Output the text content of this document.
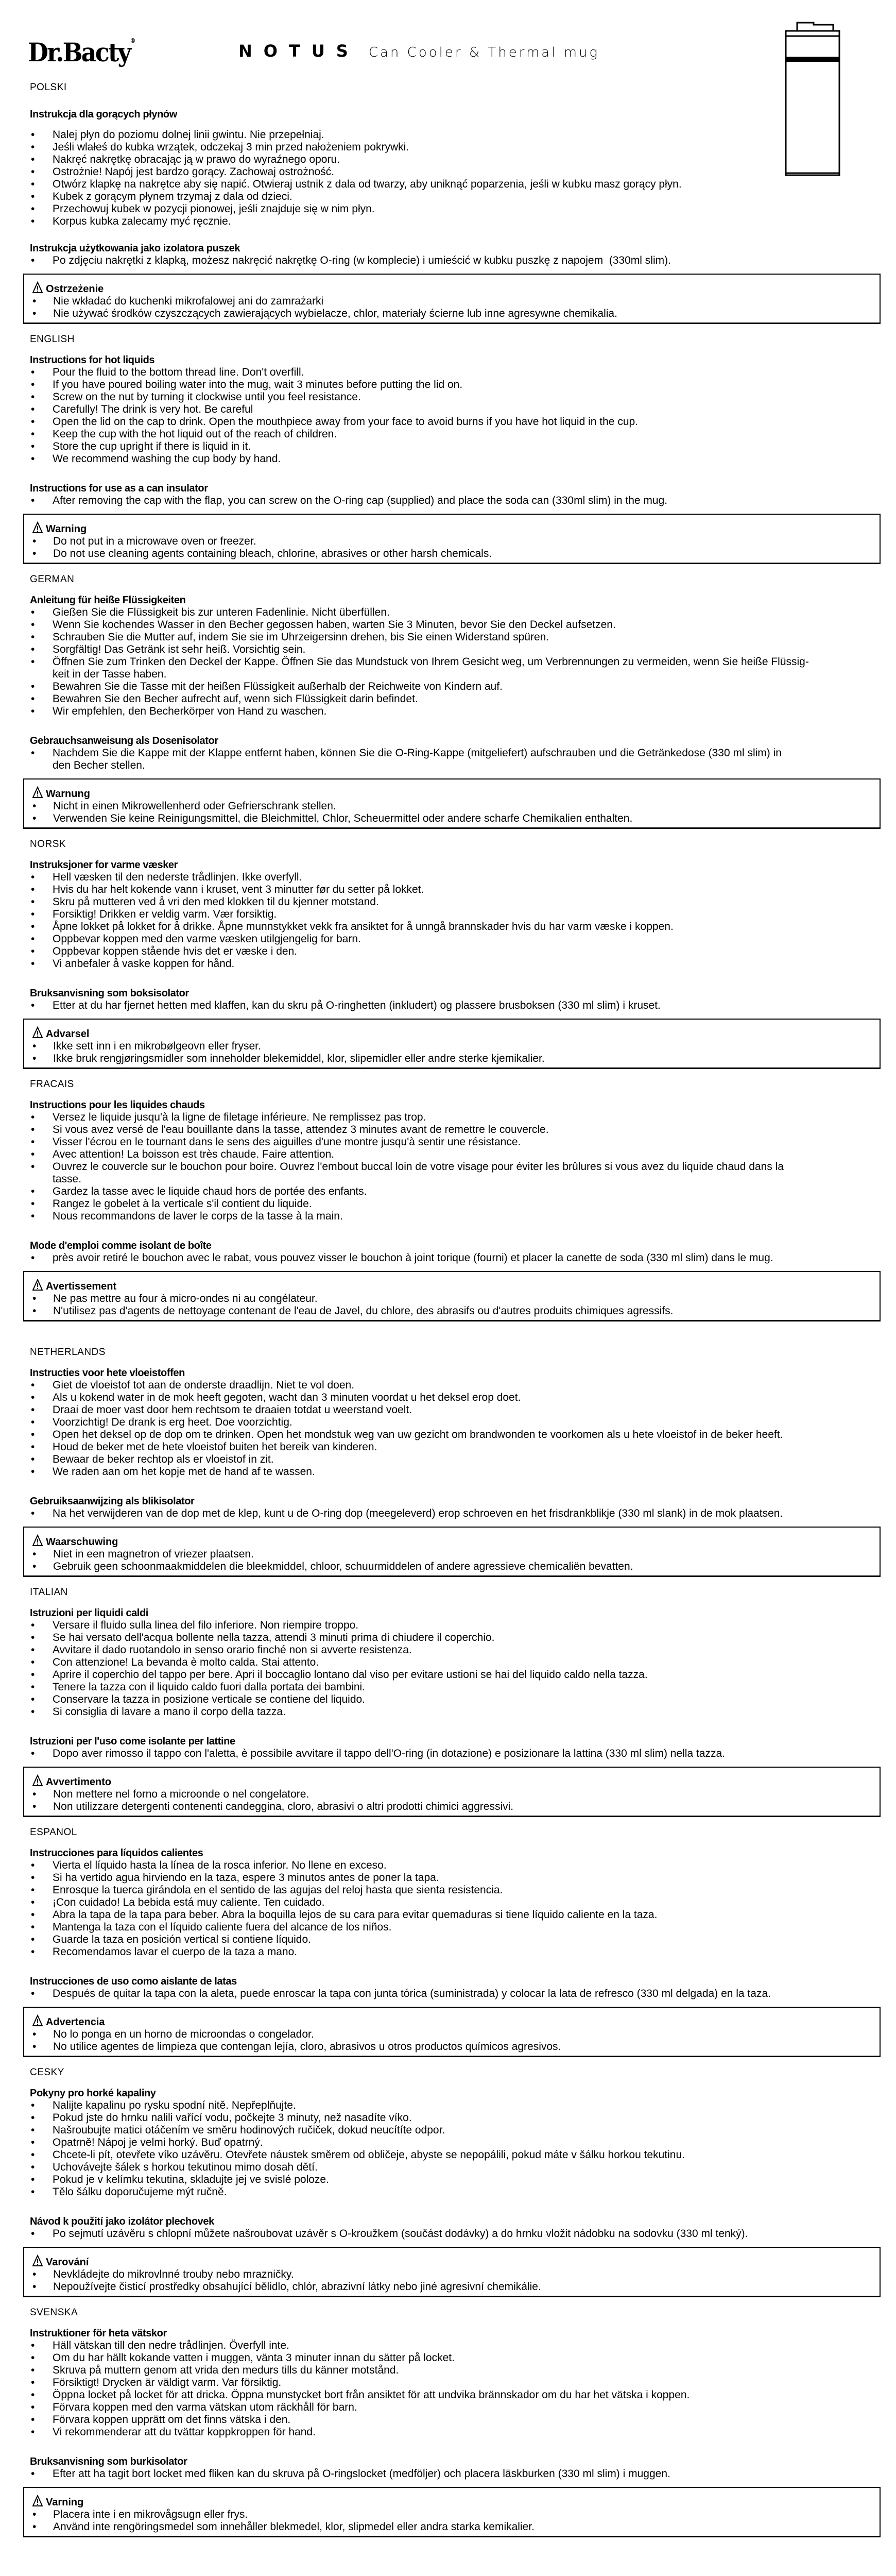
Dr.Bacty®
NOTUS Can Cooler & Thermal mug
POLSKI
Instrukcja dla gorących płynów
• Nalej płyn do poziomu dolnej linii gwintu. Nie przepełniaj.
• Jeśli wlałeś do kubka wrzątek, odczekaj 3 min przed nałożeniem pokrywki.
• Nakręć nakrętkę obracając ją w prawo do wyraźnego oporu.
• Ostrożnie! Napój jest bardzo gorący. Zachowaj ostrożność.
• Otwórz klapkę na nakrętce aby się napić. Otwieraj ustnik z dala od twarzy, aby uniknąć poparzenia, jeśli w kubku masz gorący płyn.
• Kubek z gorącym płynem trzymaj z dala od dzieci.
• Przechowuj kubek w pozycji pionowej, jeśli znajduje się w nim płyn.
• Korpus kubka zalecamy myć ręcznie.
Instrukcja użytkowania jako izolatora puszek
• Po zdjęciu nakrętki z klapką, możesz nakręcić nakrętkę O-ring (w komplecie) i umieścić w kubku puszkę z napojem  (330ml slim).
Ostrzeżenie
• Nie wkładać do kuchenki mikrofalowej ani do zamrażarki
• Nie używać środków czyszczących zawierających wybielacze, chlor, materiały ścierne lub inne agresywne chemikalia.
ENGLISH
Instructions for hot liquids
• Pour the fluid to the bottom thread line. Don't overfill.
• If you have poured boiling water into the mug, wait 3 minutes before putting the lid on.
• Screw on the nut by turning it clockwise until you feel resistance.
• Carefully! The drink is very hot. Be careful
• Open the lid on the cap to drink. Open the mouthpiece away from your face to avoid burns if you have hot liquid in the cup.
• Keep the cup with the hot liquid out of the reach of children.
• Store the cup upright if there is liquid in it.
• We recommend washing the cup body by hand.
Instructions for use as a can insulator
• After removing the cap with the flap, you can screw on the O-ring cap (supplied) and place the soda can (330ml slim) in the mug.
Warning
• Do not put in a microwave oven or freezer.
• Do not use cleaning agents containing bleach, chlorine, abrasives or other harsh chemicals.
GERMAN
Anleitung für heiße Flüssigkeiten
• Gießen Sie die Flüssigkeit bis zur unteren Fadenlinie. Nicht überfüllen.
• Wenn Sie kochendes Wasser in den Becher gegossen haben, warten Sie 3 Minuten, bevor Sie den Deckel aufsetzen.
• Schrauben Sie die Mutter auf, indem Sie sie im Uhrzeigersinn drehen, bis Sie einen Widerstand spüren.
• Sorgfältig! Das Getränk ist sehr heiß. Vorsichtig sein.
• Öffnen Sie zum Trinken den Deckel der Kappe. Öffnen Sie das Mundstuck von Ihrem Gesicht weg, um Verbrennungen zu vermeiden, wenn Sie heiße Flüssig-
keit in der Tasse haben.
• Bewahren Sie die Tasse mit der heißen Flüssigkeit außerhalb der Reichweite von Kindern auf.
• Bewahren Sie den Becher aufrecht auf, wenn sich Flüssigkeit darin befindet.
• Wir empfehlen, den Becherkörper von Hand zu waschen.
Gebrauchsanweisung als Dosenisolator
• Nachdem Sie die Kappe mit der Klappe entfernt haben, können Sie die O-Ring-Kappe (mitgeliefert) aufschrauben und die Getränkedose (330 ml slim) in
den Becher stellen.
Warnung
• Nicht in einen Mikrowellenherd oder Gefrierschrank stellen.
• Verwenden Sie keine Reinigungsmittel, die Bleichmittel, Chlor, Scheuermittel oder andere scharfe Chemikalien enthalten.
NORSK
Instruksjoner for varme væsker
• Hell væsken til den nederste trådlinjen. Ikke overfyll.
• Hvis du har helt kokende vann i kruset, vent 3 minutter før du setter på lokket.
• Skru på mutteren ved å vri den med klokken til du kjenner motstand.
• Forsiktig! Drikken er veldig varm. Vær forsiktig.
• Åpne lokket på lokket for å drikke. Åpne munnstykket vekk fra ansiktet for å unngå brannskader hvis du har varm væske i koppen.
• Oppbevar koppen med den varme væsken utilgjengelig for barn.
• Oppbevar koppen stående hvis det er væske i den.
• Vi anbefaler å vaske koppen for hånd.
Bruksanvisning som boksisolator
• Etter at du har fjernet hetten med klaffen, kan du skru på O-ringhetten (inkludert) og plassere brusboksen (330 ml slim) i kruset.
Advarsel
• Ikke sett inn i en mikrobølgeovn eller fryser.
• Ikke bruk rengjøringsmidler som inneholder blekemiddel, klor, slipemidler eller andre sterke kjemikalier.
FRACAIS
Instructions pour les liquides chauds
• Versez le liquide jusqu'à la ligne de filetage inférieure. Ne remplissez pas trop.
• Si vous avez versé de l'eau bouillante dans la tasse, attendez 3 minutes avant de remettre le couvercle.
• Visser l'écrou en le tournant dans le sens des aiguilles d'une montre jusqu'à sentir une résistance.
• Avec attention! La boisson est très chaude. Faire attention.
• Ouvrez le couvercle sur le bouchon pour boire. Ouvrez l'embout buccal loin de votre visage pour éviter les brûlures si vous avez du liquide chaud dans la
tasse.
• Gardez la tasse avec le liquide chaud hors de portée des enfants.
• Rangez le gobelet à la verticale s'il contient du liquide.
• Nous recommandons de laver le corps de la tasse à la main.
Mode d'emploi comme isolant de boîte
• près avoir retiré le bouchon avec le rabat, vous pouvez visser le bouchon à joint torique (fourni) et placer la canette de soda (330 ml slim) dans le mug.
Avertissement
• Ne pas mettre au four à micro-ondes ni au congélateur.
• N'utilisez pas d'agents de nettoyage contenant de l'eau de Javel, du chlore, des abrasifs ou d'autres produits chimiques agressifs.
NETHERLANDS
Instructies voor hete vloeistoffen
• Giet de vloeistof tot aan de onderste draadlijn. Niet te vol doen.
• Als u kokend water in de mok heeft gegoten, wacht dan 3 minuten voordat u het deksel erop doet.
• Draai de moer vast door hem rechtsom te draaien totdat u weerstand voelt.
• Voorzichtig! De drank is erg heet. Doe voorzichtig.
• Open het deksel op de dop om te drinken. Open het mondstuk weg van uw gezicht om brandwonden te voorkomen als u hete vloeistof in de beker heeft.
• Houd de beker met de hete vloeistof buiten het bereik van kinderen.
• Bewaar de beker rechtop als er vloeistof in zit.
• We raden aan om het kopje met de hand af te wassen.
Gebruiksaanwijzing als blikisolator
• Na het verwijderen van de dop met de klep, kunt u de O-ring dop (meegeleverd) erop schroeven en het frisdrankblikje (330 ml slank) in de mok plaatsen.
Waarschuwing
• Niet in een magnetron of vriezer plaatsen.
• Gebruik geen schoonmaakmiddelen die bleekmiddel, chloor, schuurmiddelen of andere agressieve chemicaliën bevatten.
ITALIAN
Istruzioni per liquidi caldi
• Versare il fluido sulla linea del filo inferiore. Non riempire troppo.
• Se hai versato dell'acqua bollente nella tazza, attendi 3 minuti prima di chiudere il coperchio.
• Avvitare il dado ruotandolo in senso orario finché non si avverte resistenza.
• Con attenzione! La bevanda è molto calda. Stai attento.
• Aprire il coperchio del tappo per bere. Apri il boccaglio lontano dal viso per evitare ustioni se hai del liquido caldo nella tazza.
• Tenere la tazza con il liquido caldo fuori dalla portata dei bambini.
• Conservare la tazza in posizione verticale se contiene del liquido.
• Si consiglia di lavare a mano il corpo della tazza.
Istruzioni per l'uso come isolante per lattine
• Dopo aver rimosso il tappo con l'aletta, è possibile avvitare il tappo dell'O-ring (in dotazione) e posizionare la lattina (330 ml slim) nella tazza.
Avvertimento
• Non mettere nel forno a microonde o nel congelatore.
• Non utilizzare detergenti contenenti candeggina, cloro, abrasivi o altri prodotti chimici aggressivi.
ESPANOL
Instrucciones para líquidos calientes
• Vierta el líquido hasta la línea de la rosca inferior. No llene en exceso.
• Si ha vertido agua hirviendo en la taza, espere 3 minutos antes de poner la tapa.
• Enrosque la tuerca girándola en el sentido de las agujas del reloj hasta que sienta resistencia.
• ¡Con cuidado! La bebida está muy caliente. Ten cuidado.
• Abra la tapa de la tapa para beber. Abra la boquilla lejos de su cara para evitar quemaduras si tiene líquido caliente en la taza.
• Mantenga la taza con el líquido caliente fuera del alcance de los niños.
• Guarde la taza en posición vertical si contiene líquido.
• Recomendamos lavar el cuerpo de la taza a mano.
Instrucciones de uso como aislante de latas
• Después de quitar la tapa con la aleta, puede enroscar la tapa con junta tórica (suministrada) y colocar la lata de refresco (330 ml delgada) en la taza.
Advertencia
• No lo ponga en un horno de microondas o congelador.
• No utilice agentes de limpieza que contengan lejía, cloro, abrasivos u otros productos químicos agresivos.
CESKY
Pokyny pro horké kapaliny
• Nalijte kapalinu po rysku spodní nitě. Nepřeplňujte.
• Pokud jste do hrnku nalili vařící vodu, počkejte 3 minuty, než nasadíte víko.
• Našroubujte matici otáčením ve směru hodinových ručiček, dokud neucítíte odpor.
• Opatrně! Nápoj je velmi horký. Buď opatrný.
• Chcete-li pít, otevřete víko uzávěru. Otevřete náustek směrem od obličeje, abyste se nepopálili, pokud máte v šálku horkou tekutinu.
• Uchovávejte šálek s horkou tekutinou mimo dosah dětí.
• Pokud je v kelímku tekutina, skladujte jej ve svislé poloze.
• Tělo šálku doporučujeme mýt ručně.
Návod k použití jako izolátor plechovek
• Po sejmutí uzávěru s chlopní můžete našroubovat uzávěr s O-kroužkem (součást dodávky) a do hrnku vložit nádobku na sodovku (330 ml tenký).
Varování
• Nevkládejte do mikrovlnné trouby nebo mrazničky.
• Nepoužívejte čisticí prostředky obsahující bělidlo, chlór, abrazivní látky nebo jiné agresivní chemikálie.
SVENSKA
Instruktioner för heta vätskor
• Häll vätskan till den nedre trådlinjen. Överfyll inte.
• Om du har hällt kokande vatten i muggen, vänta 3 minuter innan du sätter på locket.
• Skruva på muttern genom att vrida den medurs tills du känner motstånd.
• Försiktigt! Drycken är väldigt varm. Var försiktig.
• Öppna locket på locket för att dricka. Öppna munstycket bort från ansiktet för att undvika brännskador om du har het vätska i koppen.
• Förvara koppen med den varma vätskan utom räckhåll för barn.
• Förvara koppen upprätt om det finns vätska i den.
• Vi rekommenderar att du tvättar koppkroppen för hand.
Bruksanvisning som burkisolator
• Efter att ha tagit bort locket med fliken kan du skruva på O-ringslocket (medföljer) och placera läskburken (330 ml slim) i muggen.
Varning
• Placera inte i en mikrovågsugn eller frys.
• Använd inte rengöringsmedel som innehåller blekmedel, klor, slipmedel eller andra starka kemikalier.
